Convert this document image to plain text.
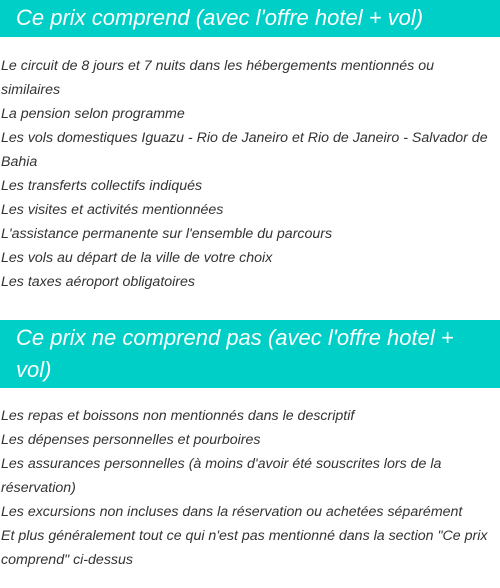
Ce prix comprend (avec l'offre hotel + vol)
Le circuit de 8 jours et 7 nuits dans les hébergements mentionnés ou similaires
La pension selon programme
Les vols domestiques Iguazu - Rio de Janeiro et Rio de Janeiro - Salvador de Bahia
Les transferts collectifs indiqués
Les visites et activités mentionnées
L'assistance permanente sur l'ensemble du parcours
Les vols au départ de la ville de votre choix
Les taxes aéroport obligatoires
Ce prix ne comprend pas (avec l'offre hotel + vol)
Les repas et boissons non mentionnés dans le descriptif
Les dépenses personnelles et pourboires
Les assurances personnelles (à moins d'avoir été souscrites lors de la réservation)
Les excursions non incluses dans la réservation ou achetées séparément
Et plus généralement tout ce qui n'est pas mentionné dans la section "Ce prix comprend" ci-dessus
